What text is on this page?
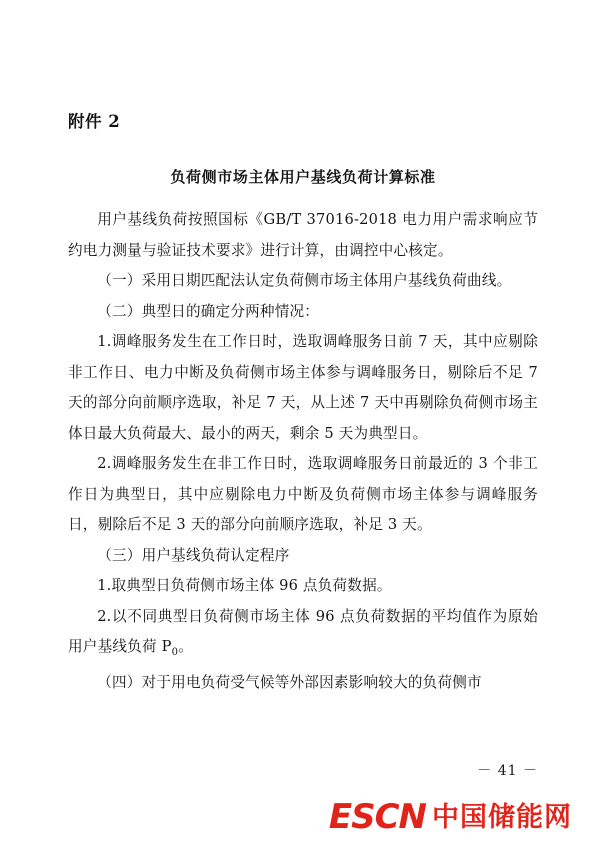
附件 2
负荷侧市场主体用户基线负荷计算标准

用户基线负荷按照国标《GB/T 37016-2018 电力用户需求响应节约电力测量与验证技术要求》进行计算，由调控中心核定。

（一）采用日期匹配法认定负荷侧市场主体用户基线负荷曲线。

（二）典型日的确定分两种情况：

1.调峰服务发生在工作日时，选取调峰服务日前 7 天，其中应剔除非工作日、电力中断及负荷侧市场主体参与调峰服务日，剔除后不足 7 天的部分向前顺序选取，补足 7 天，从上述 7 天中再剔除负荷侧市场主体日最大负荷最大、最小的两天，剩余 5 天为典型日。

2.调峰服务发生在非工作日时，选取调峰服务日前最近的 3 个非工作日为典型日，其中应剔除电力中断及负荷侧市场主体参与调峰服务日，剔除后不足 3 天的部分向前顺序选取，补足 3 天。

（三）用户基线负荷认定程序

1.取典型日负荷侧市场主体 96 点负荷数据。

2.以不同典型日负荷侧市场主体 96 点负荷数据的平均值作为原始用户基线负荷 $P_0$。

（四）对于用电负荷受气候等外部因素影响较大的负荷侧市

－ 41 －
ESCN 中国储能网
